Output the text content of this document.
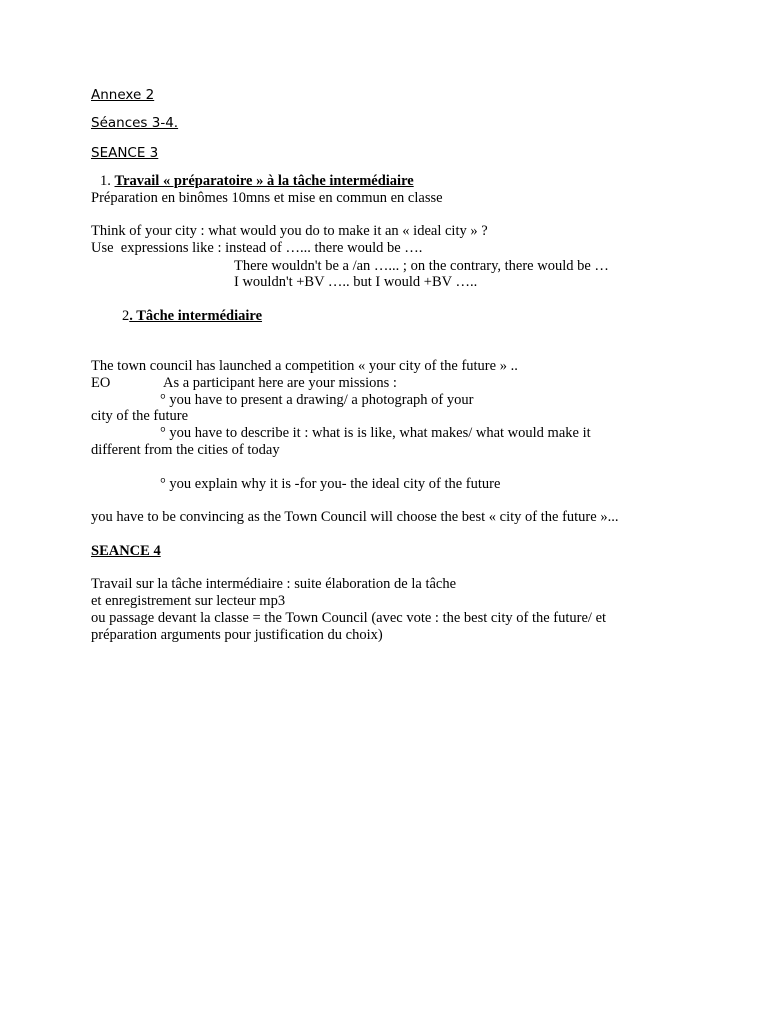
Annexe 2
Séances 3-4.
SEANCE 3
1. Travail « préparatoire » à la tâche intermédiaire
Préparation en binômes 10mns et mise en commun en classe
Think of your city : what would you do to make it an « ideal city » ?
Use  expressions like : instead of …... there would be ….
There wouldn't be a /an …... ; on the contrary, there would be …
I wouldn't +BV ….. but I would +BV …..
2. Tâche intermédiaire
The town council has launched a competition « your city of the future » ..
EO	As a participant here are your missions :
° you have to present a drawing/ a photograph of your
city of the future
° you have to describe it : what is is like, what makes/ what would make it
different from the cities of today
° you explain why it is -for you- the ideal city of the future
you have to be convincing as the Town Council will choose the best « city of the future »...
SEANCE 4
Travail sur la tâche intermédiaire : suite élaboration de la tâche
et enregistrement sur lecteur mp3
ou passage devant la classe = the Town Council (avec vote : the best city of the future/ et
préparation arguments pour justification du choix)
